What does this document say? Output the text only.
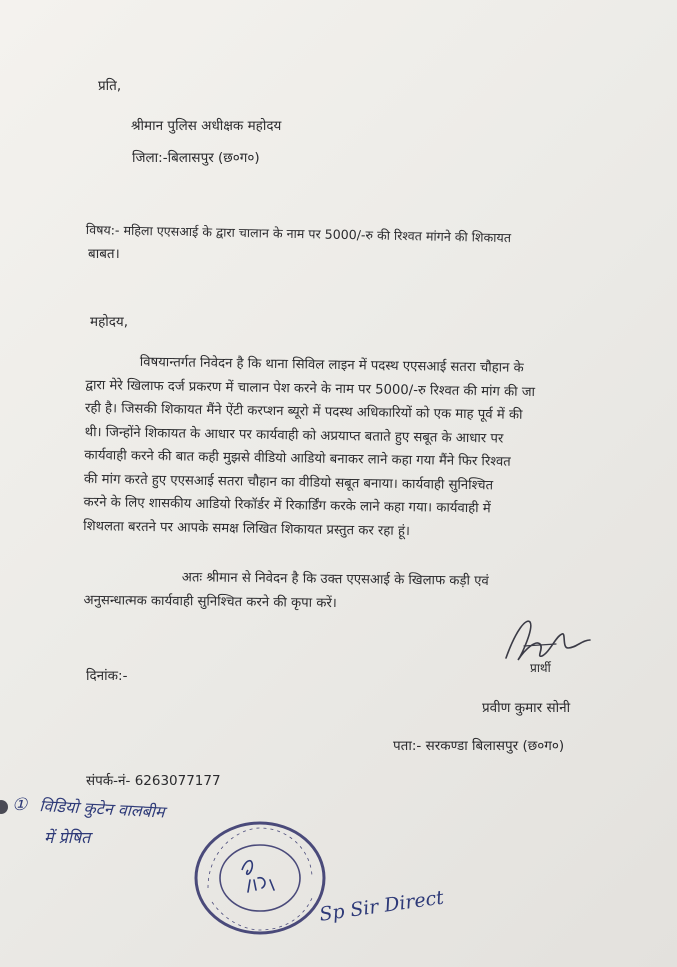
प्रति,
श्रीमान पुलिस अधीक्षक महोदय
जिला:-बिलासपुर (छ०ग०)
विषय:- महिला एएसआई के द्वारा चालान के नाम पर 5000/-रु की रिश्वत मांगने की शिकायत
बाबत।
महोदय,
विषयान्तर्गत निवेदन है कि थाना सिविल लाइन में पदस्थ एएसआई सतरा चौहान के
द्वारा मेरे खिलाफ दर्ज प्रकरण में चालान पेश करने के नाम पर 5000/-रु रिश्वत की मांग की जा
रही है। जिसकी शिकायत मैंने ऐंटी करप्शन ब्यूरो में पदस्थ अधिकारियों को एक माह पूर्व में की
थी। जिन्होंने शिकायत के आधार पर कार्यवाही को अप्रयाप्त बताते हुए सबूत के आधार पर
कार्यवाही करने की बात कही मुझसे वीडियो आडियो बनाकर लाने कहा गया मैंने फिर रिश्वत
की मांग करते हुए एएसआई सतरा चौहान का वीडियो सबूत बनाया। कार्यवाही सुनिश्चित
करने के लिए शासकीय आडियो रिकॉर्डर में रिकार्डिंग करके लाने कहा गया। कार्यवाही में
शिथलता बरतने पर आपके समक्ष लिखित शिकायत प्रस्तुत कर रहा हूं।
अतः श्रीमान से निवेदन है कि उक्त एएसआई के खिलाफ कड़ी एवं
अनुसन्धात्मक कार्यवाही सुनिश्चित करने की कृपा करें।
प्रार्थी
दिनांक:-
प्रवीण कुमार सोनी
पता:- सरकण्डा बिलासपुर (छ०ग०)
संपर्क-नं- 6263077177
① विडियो कुटेन वालबीम
में प्रेषित
Sp Sir Direct
